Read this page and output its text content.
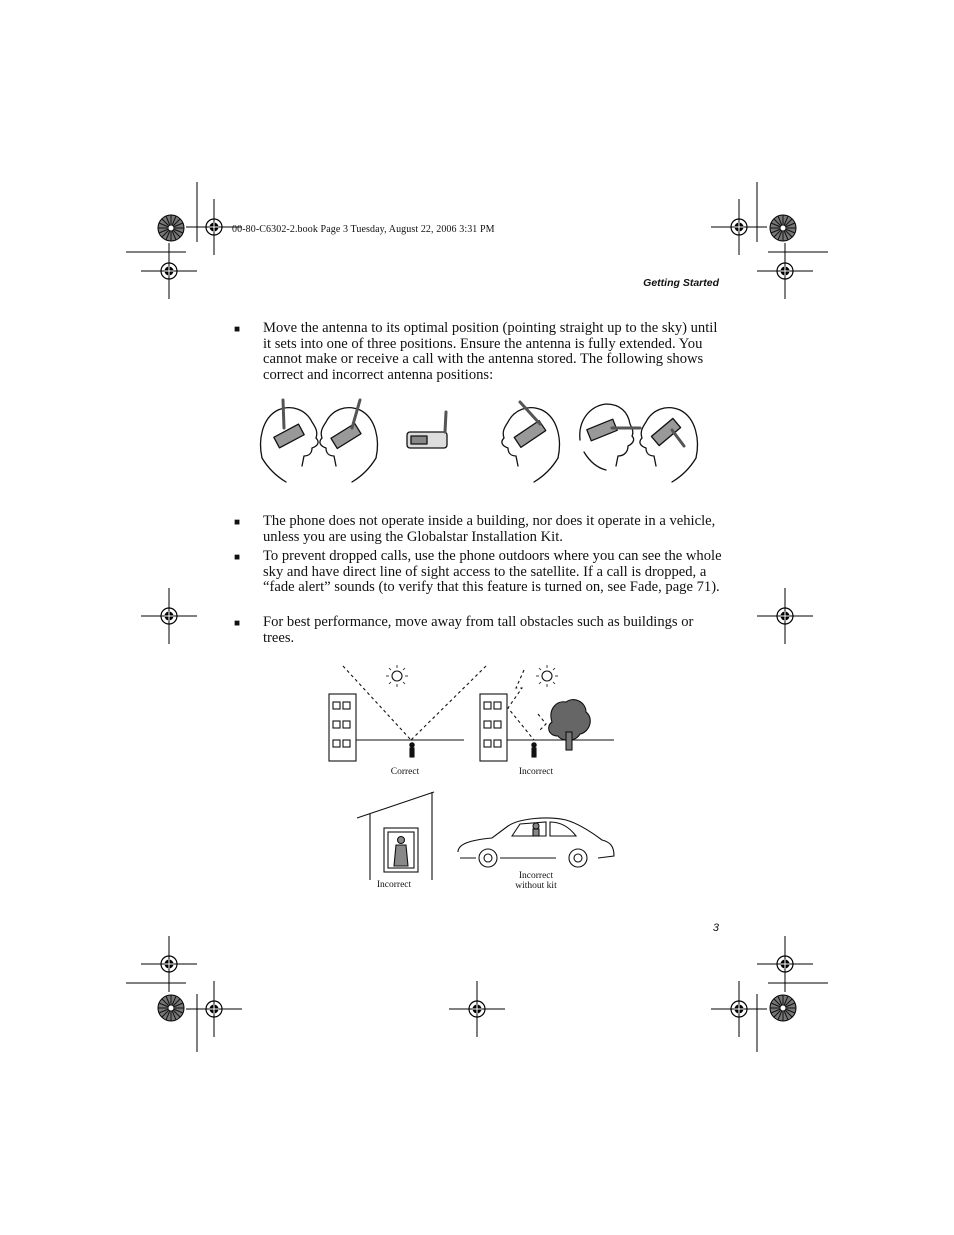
00-80-C6302-2.book Page 3 Tuesday, August 22, 2006 3:31 PM
Getting Started
■	Move the antenna to its optimal position (pointing straight up to the sky) until it sets into one of three positions. Ensure the antenna is fully extended. You cannot make or receive a call with the antenna stored. The following shows correct and incorrect antenna positions:
■	The phone does not operate inside a building, nor does it operate in a vehicle, unless you are using the Globalstar Installation Kit.
■	To prevent dropped calls, use the phone outdoors where you can see the whole sky and have direct line of sight access to the satellite. If a call is dropped, a “fade alert” sounds (to verify that this feature is turned on, see Fade, page 71).
■	For best performance, move away from tall obstacles such as buildings or trees.
Correct	Incorrect
Incorrect
Incorrect
without kit
3
